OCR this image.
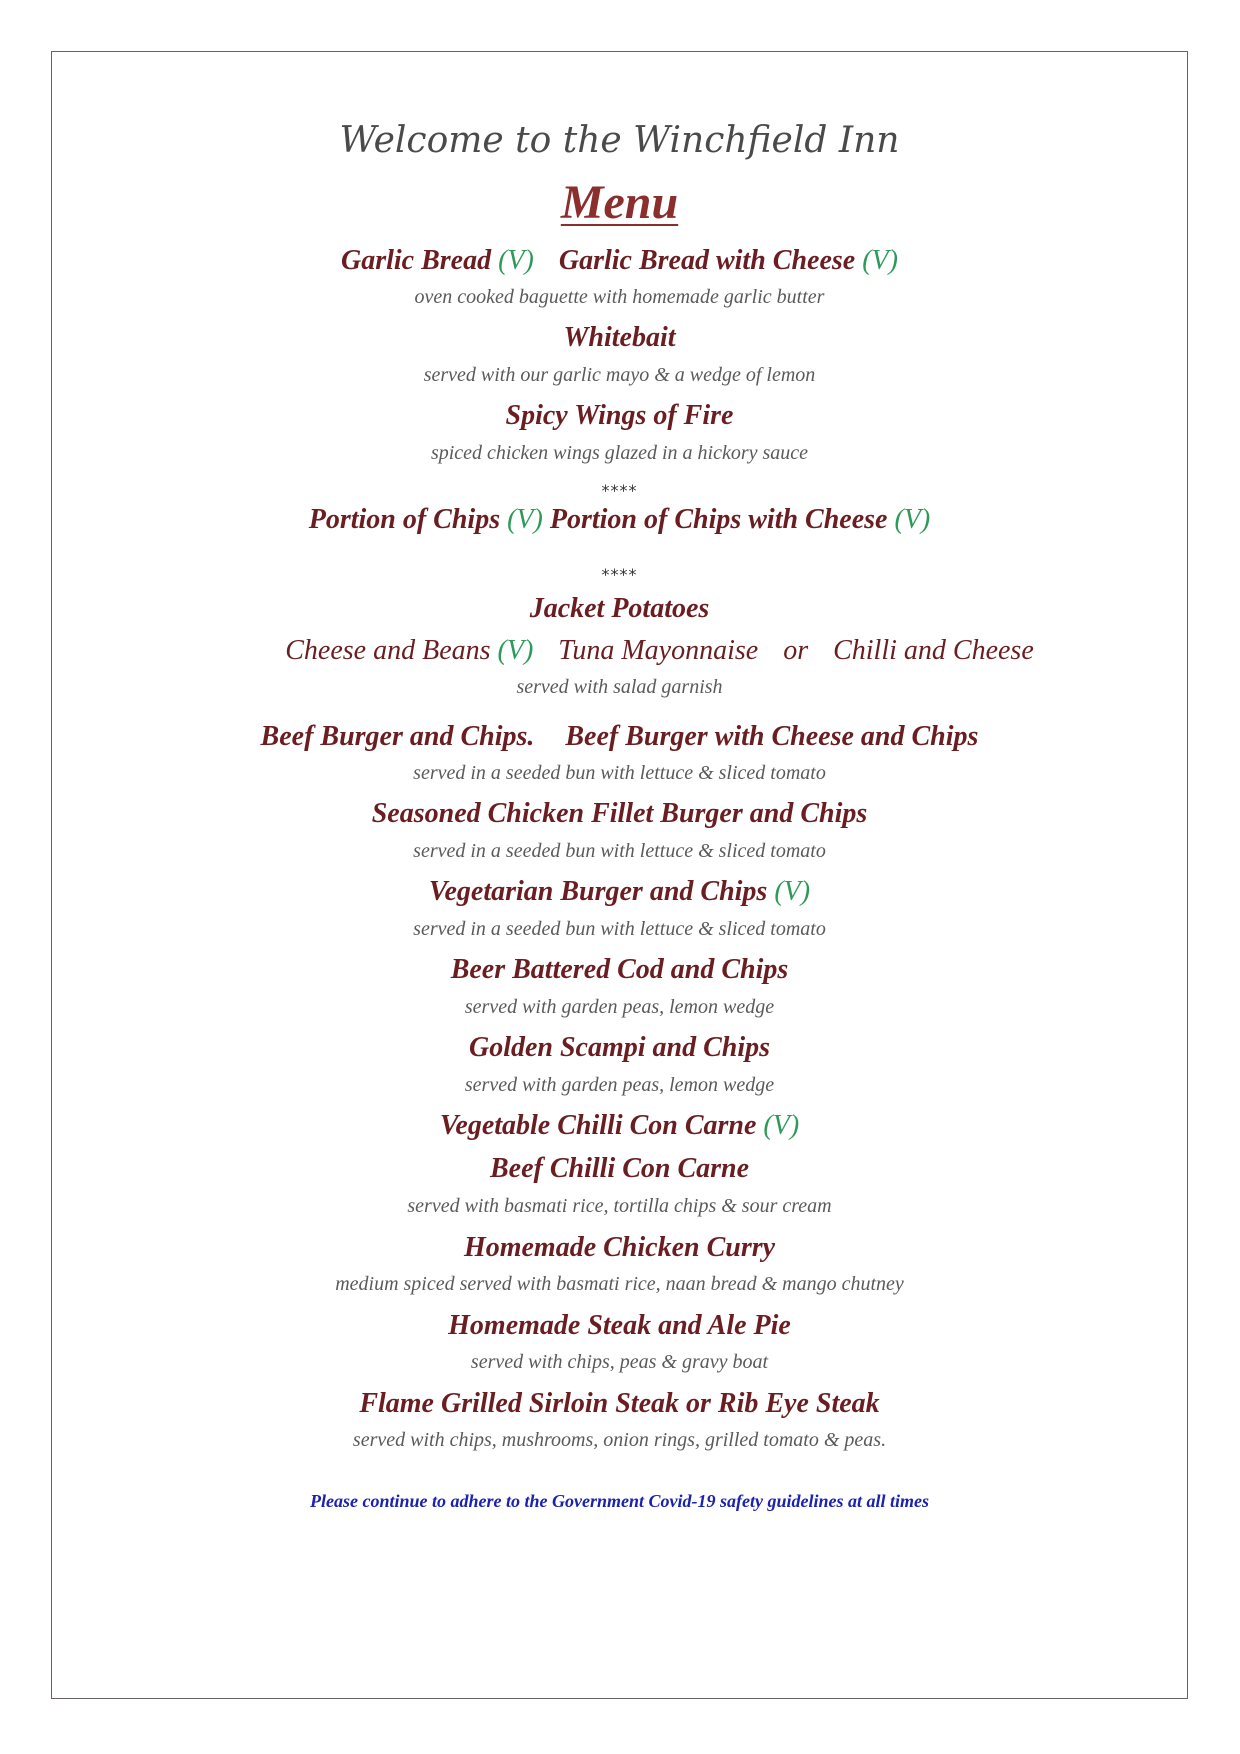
Welcome to the Winchfield Inn
Menu
Garlic Bread (V) Garlic Bread with Cheese (V)
oven cooked baguette with homemade garlic butter
Whitebait
served with our garlic mayo & a wedge of lemon
Spicy Wings of Fire
spiced chicken wings glazed in a hickory sauce
****
Portion of Chips (V) Portion of Chips with Cheese (V)
****
Jacket Potatoes
Cheese and Beans (V) Tuna Mayonnaise or Chilli and Cheese
served with salad garnish
Beef Burger and Chips. Beef Burger with Cheese and Chips
served in a seeded bun with lettuce & sliced tomato
Seasoned Chicken Fillet Burger and Chips
served in a seeded bun with lettuce & sliced tomato
Vegetarian Burger and Chips (V)
served in a seeded bun with lettuce & sliced tomato
Beer Battered Cod and Chips
served with garden peas, lemon wedge
Golden Scampi and Chips
served with garden peas, lemon wedge
Vegetable Chilli Con Carne (V)
Beef Chilli Con Carne
served with basmati rice, tortilla chips & sour cream
Homemade Chicken Curry
medium spiced served with basmati rice, naan bread & mango chutney
Homemade Steak and Ale Pie
served with chips, peas & gravy boat
Flame Grilled Sirloin Steak or Rib Eye Steak
served with chips, mushrooms, onion rings, grilled tomato & peas.
Please continue to adhere to the Government Covid-19 safety guidelines at all times
